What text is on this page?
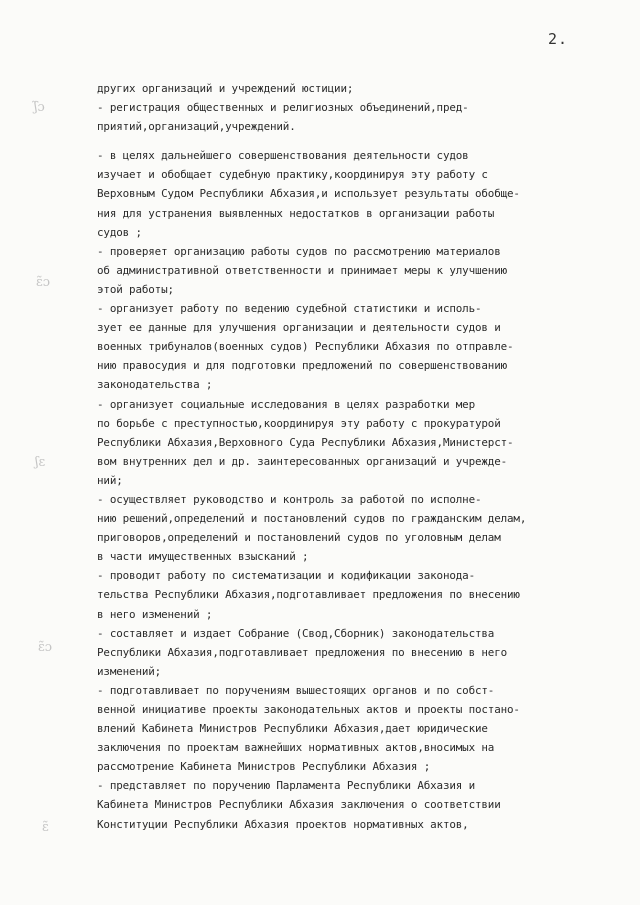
2.
ʃ̃ɔ
ɛ̃ɔ
ʃɛ
ɛ̃ɔ
ɛ̃
других организаций и учреждений юстиции;
- регистрация общественных и религиозных объединений,пред-
приятий,организаций,учреждений.
- в целях дальнейшего совершенствования деятельности судов
изучает и обобщает судебную практику,координируя эту работу с
Верховным Судом Республики Абхазия,и использует результаты обобще-
ния для устранения выявленных недостатков в организации работы
судов ;
- проверяет организацию работы судов по рассмотрению материалов
об административной ответственности и принимает меры к улучшению
этой работы;
- организует работу по ведению судебной статистики и исполь-
зует ее данные для улучшения организации и деятельности судов и
военных трибуналов(военных судов) Республики Абхазия по отправле-
нию правосудия и для подготовки предложений по совершенствованию
законодательства ;
- организует социальные исследования в целях разработки мер
по борьбе с преступностью,координируя эту работу с прокуратурой
Республики Абхазия,Верховного Суда Республики Абхазия,Министерст-
вом внутренних дел и др. заинтересованных организаций и учрежде-
ний;
- осуществляет руководство и контроль за работой по исполне-
нию решений,определений и постановлений судов по гражданским делам,
приговоров,определений и постановлений судов по уголовным делам
в части имущественных взысканий ;
- проводит работу по систематизации и кодификации законода-
тельства Республики Абхазия,подготавливает предложения по внесению
в него изменений ;
- составляет и издает Собрание (Свод,Сборник) законодательства
Республики Абхазия,подготавливает предложения по внесению в него
изменений;
- подготавливает по поручениям вышестоящих органов и по собст-
венной инициативе проекты законодательных актов и проекты постано-
влений Кабинета Министров Республики Абхазия,дает юридические
заключения по проектам важнейших нормативных актов,вносимых на
рассмотрение Кабинета Министров Республики Абхазия ;
- представляет по поручению Парламента Республики Абхазия и
Кабинета Министров Республики Абхазия заключения о соответствии
Конституции Республики Абхазия проектов нормативных актов,
